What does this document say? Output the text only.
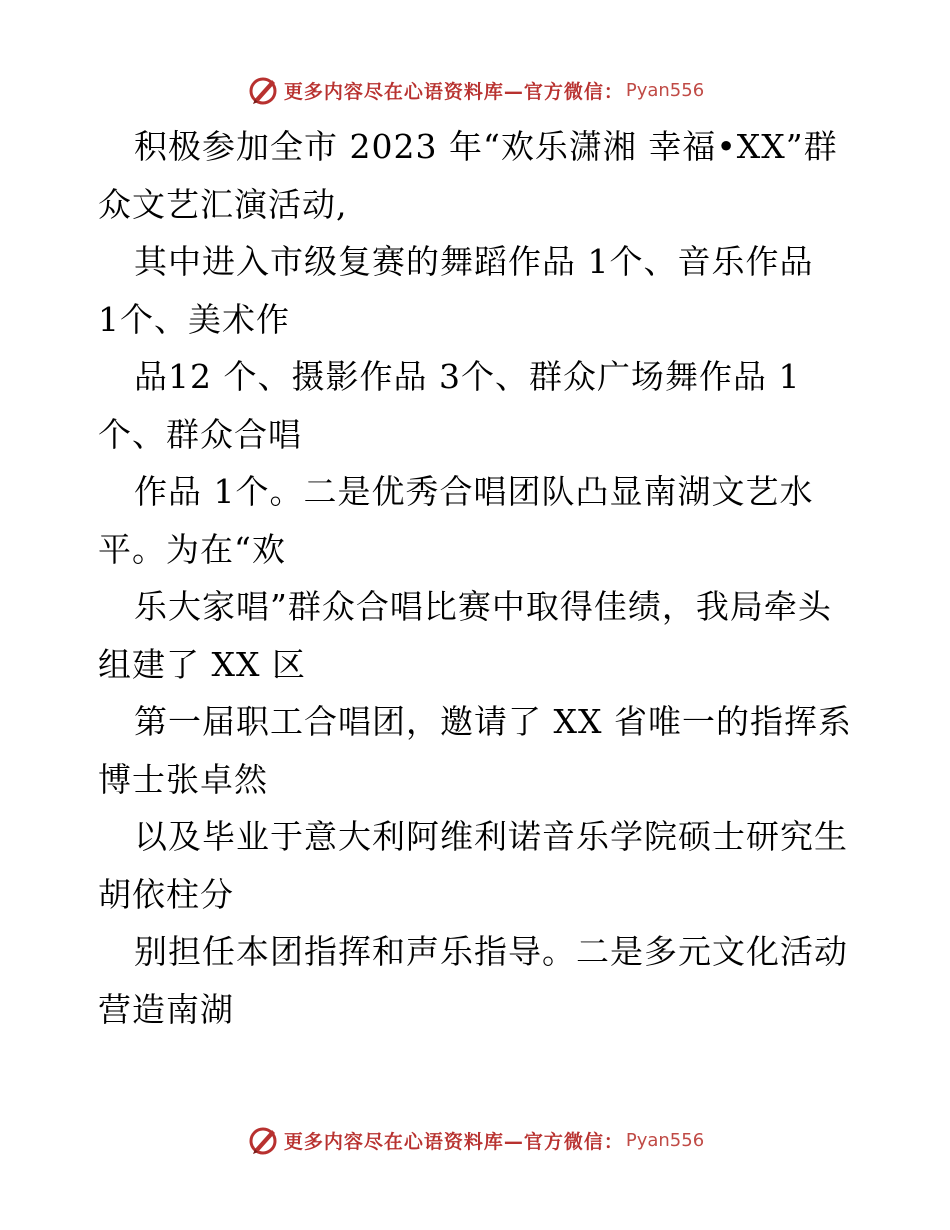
更多内容尽在心语资料库—官方微信： Pyan556
积极参加全市 2023 年“欢乐潇湘 幸福•XX”群
众文艺汇演活动,
其中进入市级复赛的舞蹈作品 1个、音乐作品
1个、美术作
品12 个、摄影作品 3个、群众广场舞作品 1
个、群众合唱
作品 1个。二是优秀合唱团队凸显南湖文艺水
平。为在“欢
乐大家唱”群众合唱比赛中取得佳绩，我局牵头
组建了 XX 区
第一届职工合唱团，邀请了 XX 省唯一的指挥系
博士张卓然
以及毕业于意大利阿维利诺音乐学院硕士研究生
胡依柱分
别担任本团指挥和声乐指导。二是多元文化活动
营造南湖
更多内容尽在心语资料库—官方微信： Pyan556
